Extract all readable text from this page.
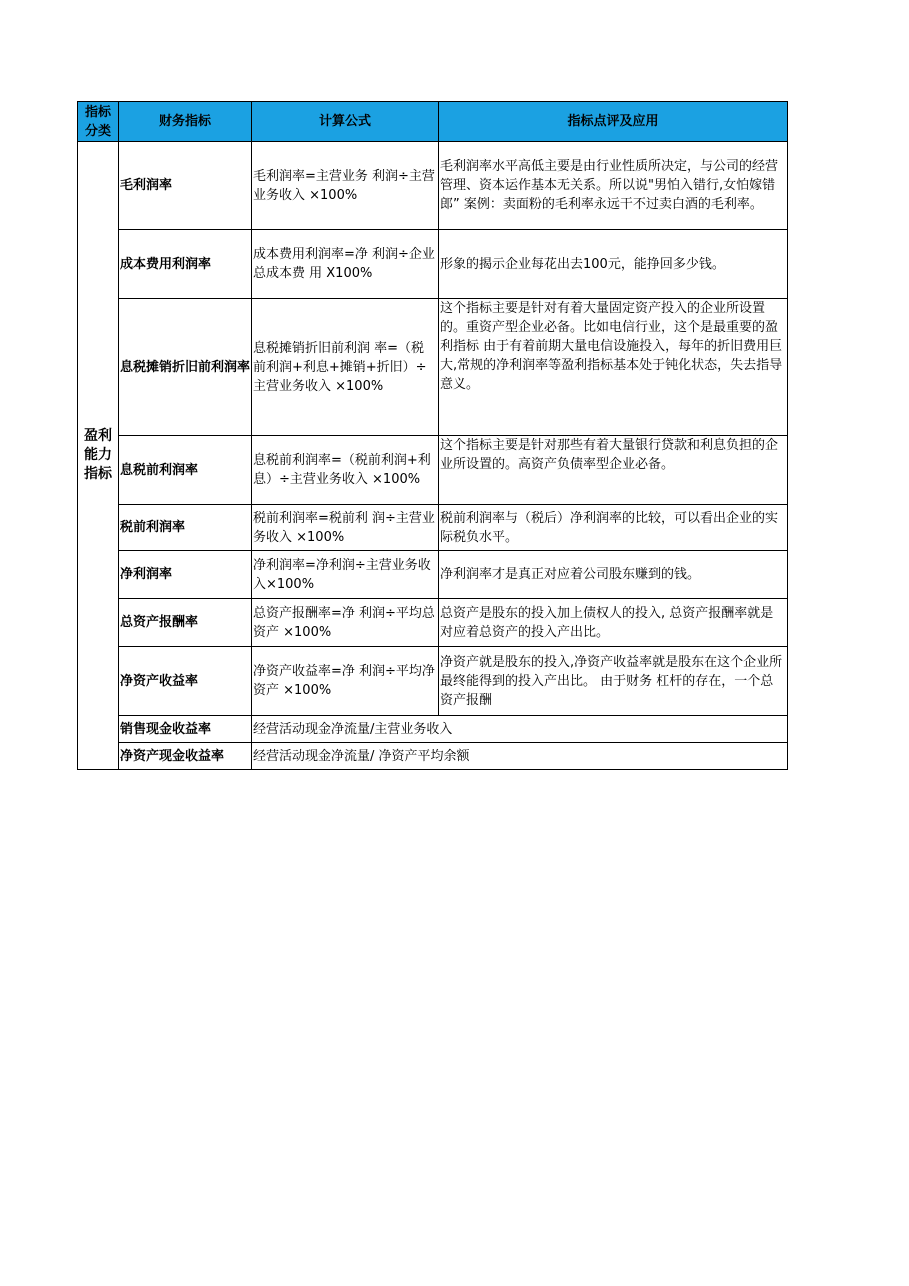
指标分类	财务指标	计算公式	指标点评及应用
盈利能力指标	毛利润率	毛利润率=主营业务 利润÷主营业务收入 ×100%	毛利润率水平高低主要是由行业性质所决定，与公司的经营管理、资本运作基本无关系。所以说"男怕入错行,女怕嫁错郎” 案例：卖面粉的毛利率永远干不过卖白酒的毛利率。
	成本费用利润率	成本费用利润率=净 利润÷企业总成本费 用 X100%	形象的揭示企业每花出去100元，能挣回多少钱。
	息税摊销折旧前利润率	息税摊销折旧前利润 率=（税前利润+利息+摊销+折旧）÷主营业务收入 ×100%	这个指标主要是针对有着大量固定资产投入的企业所设置的。重资产型企业必备。比如电信行业，这个是最重要的盈利指标 由于有着前期大量电信设施投入，每年的折旧费用巨大,常规的净利润率等盈利指标基本处于钝化状态，失去指导意义。
	息税前利润率	息税前利润率=（税前利润+利息）÷主营业务收入 ×100%	这个指标主要是针对那些有着大量银行贷款和利息负担的企业所设置的。高资产负债率型企业必备。
	税前利润率	税前利润率=税前利 润÷主营业务收入 ×100%	税前利润率与（税后）净利润率的比较，可以看出企业的实际税负水平。
	净利润率	净利润率=净利润÷主营业务收入×100%	净利润率才是真正对应着公司股东赚到的钱。
	总资产报酬率	总资产报酬率=净 利润÷平均总资产 ×100%	总资产是股东的投入加上债权人的投入, 总资产报酬率就是对应着总资产的投入产出比。
	净资产收益率	净资产收益率=净 利润÷平均净资产 ×100%	净资产就是股东的投入,净资产收益率就是股东在这个企业所最终能得到的投入产出比。 由于财务 杠杆的存在，一个总资产报酬
	销售现金收益率	经营活动现金净流量/主营业务收入	
	净资产现金收益率	经营活动现金净流量/ 净资产平均余额	
